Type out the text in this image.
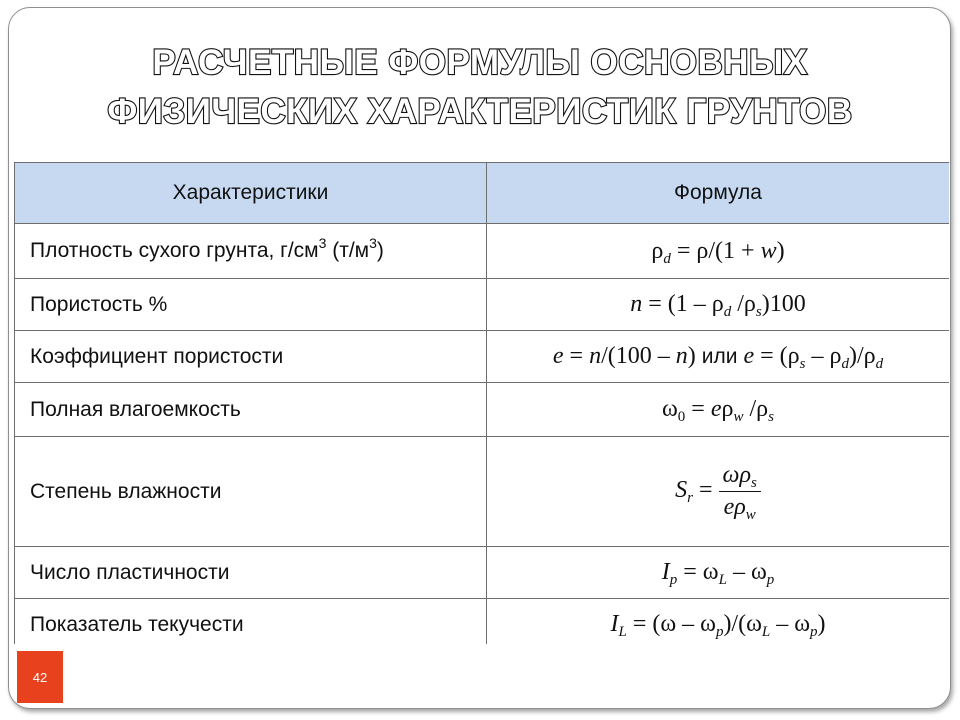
РАСЧЕТНЫЕ ФОРМУЛЫ ОСНОВНЫХ
ФИЗИЧЕСКИХ ХАРАКТЕРИСТИК ГРУНТОВ
Характеристики	Формула
Плотность сухого грунта, $г/см^3$ $(т/м^3)$	$\rho_d = \rho/(1 + w)$
Пористость %	$n = (1 - \rho_d$ $/\rho_s)100$
Коэффициент пористости	e = n/(100 – n) или $e = (\rho_s - \rho_d)/\rho_d$
Полная влагоемкость	$\omega_0 = e\rho_w$ $/\rho_s$
Степень влажности	$S_r = \frac{\omega\rho_s}{e\rho_w}$

Число пластичности	$I_p = \omega_L - \omega_p$
Показатель текучести	$I_L = (\omega - \omega_p)/(\omega_L - \omega_p)$
42
